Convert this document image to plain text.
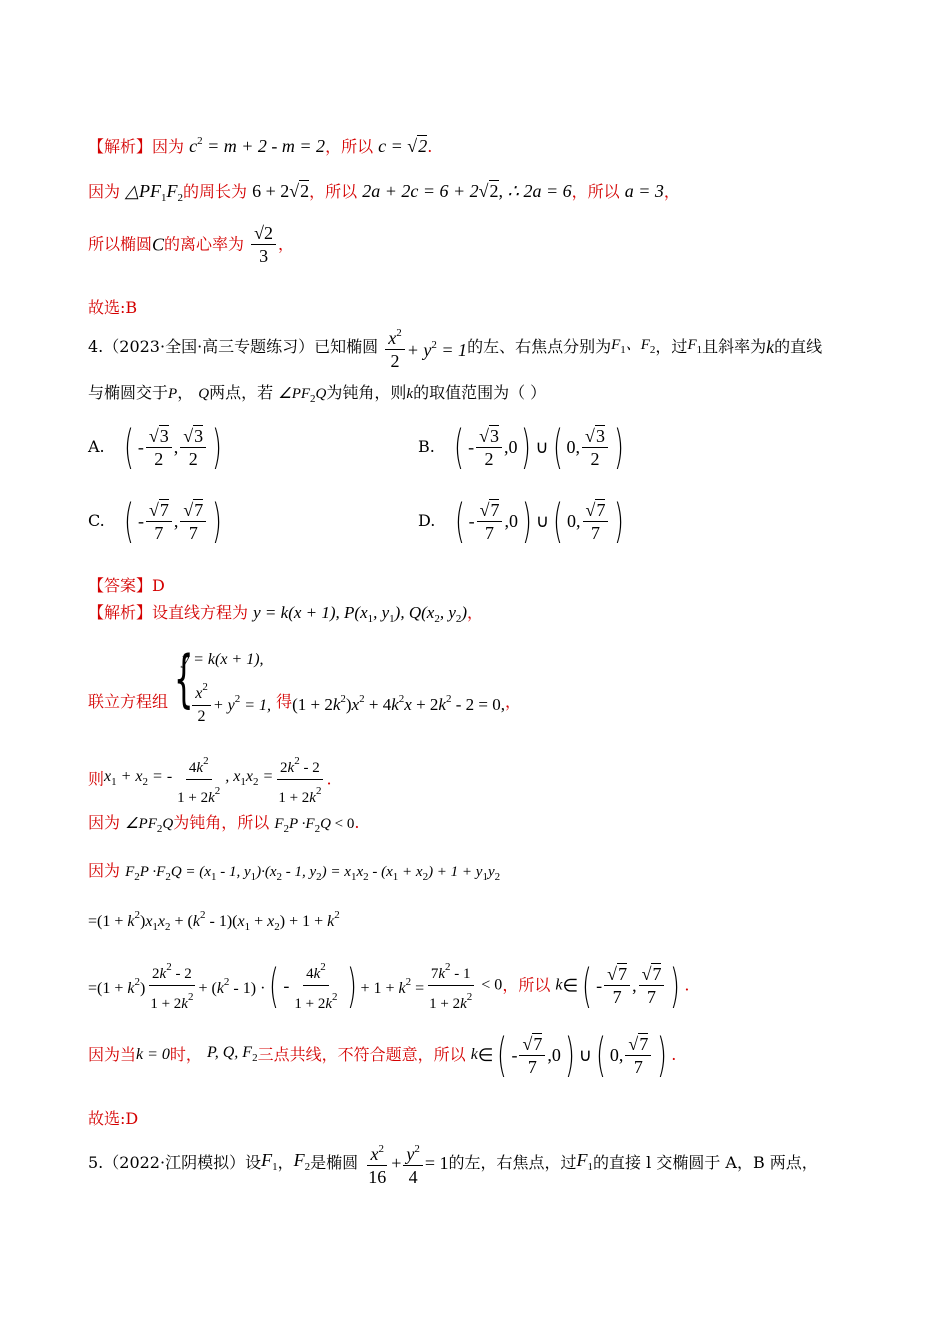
【解析】因为 $c^2 = m + 2 - m = 2$，所以 c = √2.
因为 $\triangle PF_1F_2$的周长为 6 + 2√2，所以 2a + 2c = 6 + 2√2, ∴ 2a = 6，所以 a = 3，
所以椭圆C的离心率为 $\frac{√2}{3}$ ，
故选:B
4.（2023·全国·高三专题练习）已知椭圆 $\frac{x^2}{2} + y^2 = 1$的左、右焦点分别为$F_1$、$F_2$，过$F_1$且斜率为k的直线
与椭圆交于P， Q两点，若 $\angle PF_2Q$为钝角，则k的取值范围为（ ）
A. ( - $\frac{√3}{2}$ , $\frac{√3}{2}$ )	B. ( - $\frac{√3}{2} ,0$) ∪( 0, $\frac{√3}{2}$ )
C. ( - $\frac{√7}{7}$ , $\frac{√7}{7}$ )	D. ( - $\frac{√7}{7} ,0$) ∪( 0, $\frac{√7}{7}$ )
【答案】D
【解析】设直线方程为 y = k(x + 1), $P(x_1$, $y_1$), $Q(x_2$, $y_2$)，
{
y = k(x + 1),
联立方程组 $\frac{x^2}{2} + y^2 = 1$, 得$(1 + 2k^2)x^2 + 4k^2x + 2k^2 - 2 = 0$,，
则$x_1 + x_2$ = - $\frac{4k^2}{1 + 2k^2}$ , $x_1x_2 = \frac{2k^2 - 2}{1 + 2k^2}$ .
因为 $\angle PF_2Q$为钝角，所以 $F_2P \cdot F_2Q < 0$.
因为 $F_2P \cdot F_2Q = (x_1 - 1$, $y_1)\cdot(x_2 - 1$, $y_2) = x_1x_2 - (x_1 + x_2) + 1 + y_1y_2$
$=(1 + k^2)x_1x_2 + (k^2 - 1)(x_1 + x_2) + 1 + k^2$
$=(1 + k^2) \frac{2k^2 - 2}{1 + 2k^2} + (k^2 - 1)$ ·( - $\frac{4k^2}{1 + 2k^2}$ ) + $1 + k^2 = \frac{7k^2 - 1}{1 + 2k^2} < 0$，所以 k∈( - $\frac{√7}{7}$ , $\frac{√7}{7}$ ) .
因为当k = 0时， P, Q, $F_2$三点共线，不符合题意，所以 k∈( - $\frac{√7}{7} ,0$) ∪( 0, $\frac{√7}{7}$ ) .
故选:D
5.（2022·江阴模拟）设$F_1$，$F_2$是椭圆 $\frac{x^2}{16} + \frac{y^2}{4} = 1$的左，右焦点，过$F_1$的直接 l 交椭圆于 A，B 两点，
